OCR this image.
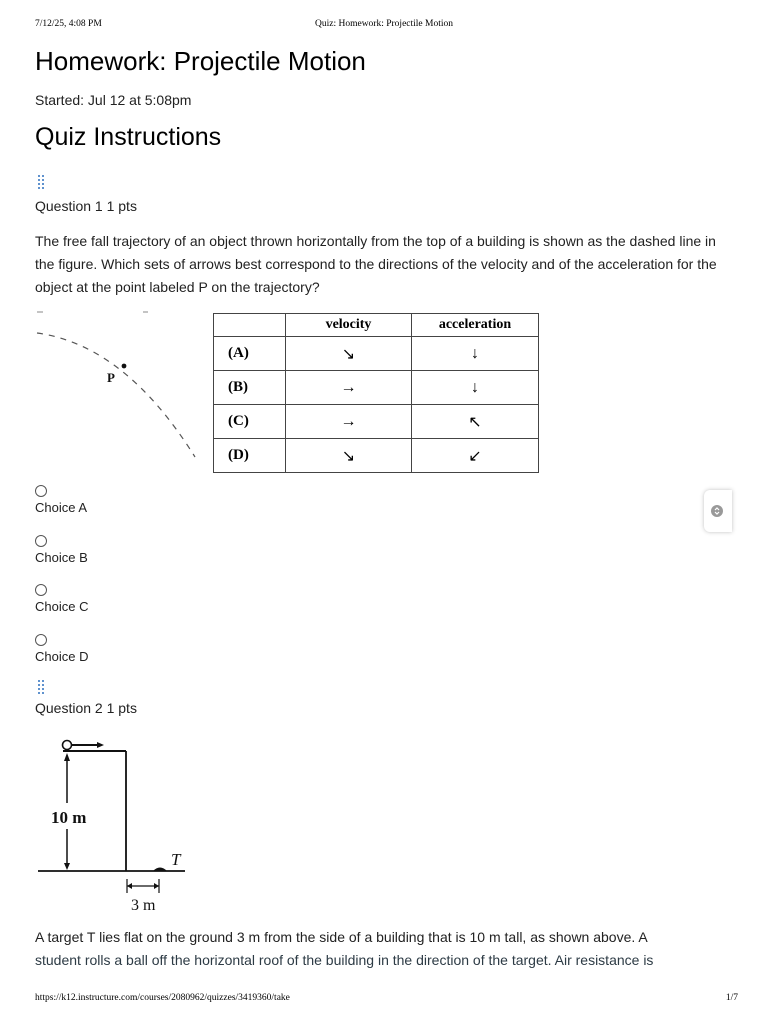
7/12/25, 4:08 PM	Quiz: Homework: Projectile Motion
Homework: Projectile Motion
Started: Jul 12 at 5:08pm
Quiz Instructions
Question 1 1 pts

The free fall trajectory of an object thrown horizontally from the top of a building is shown as the dashed line in the figure. Which sets of arrows best correspond to the directions of the velocity and of the acceleration for the object at the point labeled P on the trajectory?

P
	velocity	acceleration
(A)	↘	↓
(B)	→	↓
(C)	→	↖
(D)	↘	↙
Choice A
Choice B
Choice C
Choice D
Question 2 1 pts
10 m
T
3 m

A target T lies flat on the ground 3 m from the side of a building that is 10 m tall, as shown above. A

student rolls a ball off the horizontal roof of the building in the direction of the target. Air resistance is

https://k12.instructure.com/courses/2080962/quizzes/3419360/take	1/7
